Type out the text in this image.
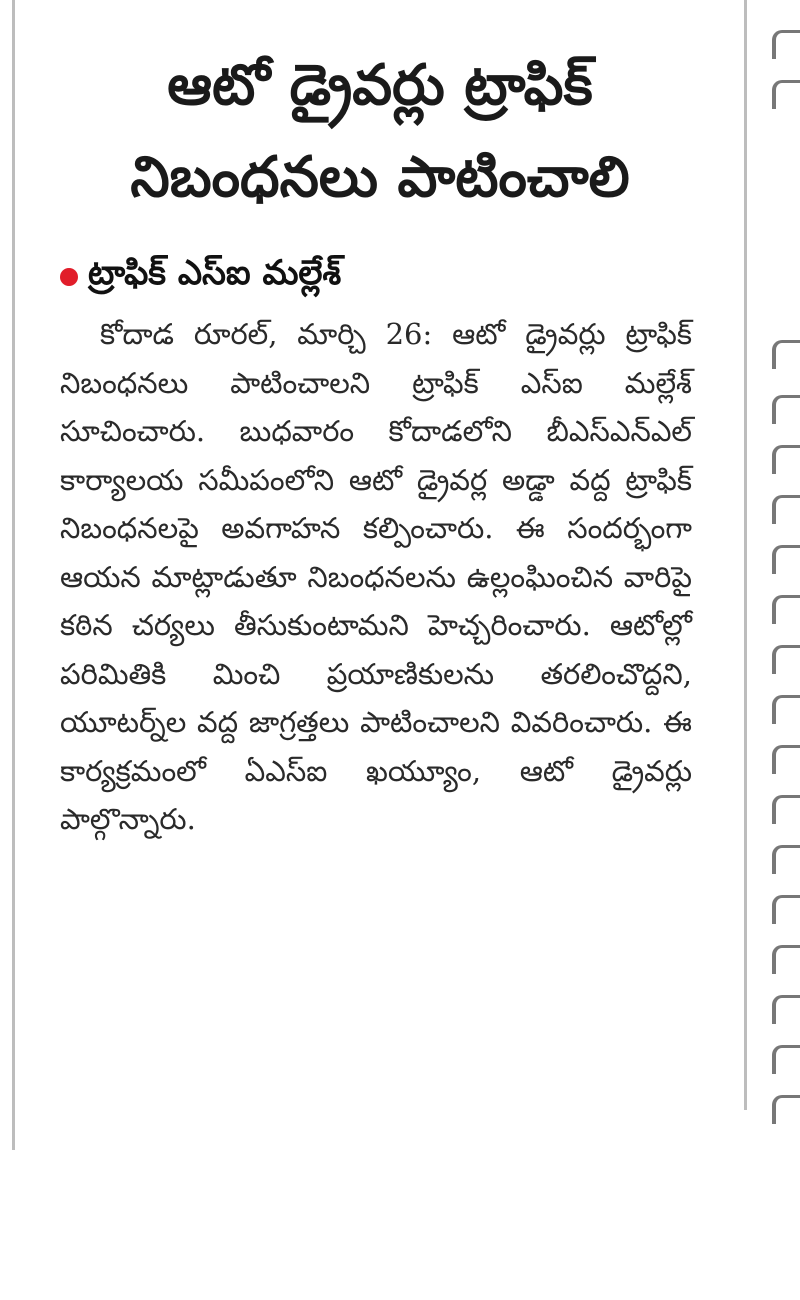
ఆటో డ్రైవర్లు ట్రాఫిక్
నిబంధనలు పాటించాలి
ట్రాఫిక్ ఎస్ఐ మల్లేశ్

కోదాడ రూరల్, మార్చి 26: ఆటో డ్రైవర్లు ట్రాఫిక్ నిబంధనలు పాటించాలని ట్రాఫిక్ ఎస్ఐ మల్లేశ్ సూచించారు. బుధవారం కోదాడలోని బీఎస్ఎన్ఎల్ కార్యాలయ సమీపంలోని ఆటో డ్రైవర్ల అడ్డా వద్ద ట్రాఫిక్ నిబంధనలపై అవగాహన కల్పించారు. ఈ సందర్భంగా ఆయన మాట్లాడుతూ నిబంధనలను ఉల్లంఘించిన వారిపై కఠిన చర్యలు తీసుకుంటామని హెచ్చరించారు. ఆటోల్లో పరిమితికి మించి ప్రయాణికులను తరలించొద్దని, యూటర్న్‌ల వద్ద జాగ్రత్తలు పాటించాలని వివరించారు. ఈ కార్యక్రమంలో ఏఎస్ఐ ఖయ్యూం, ఆటో డ్రైవర్లు పాల్గొన్నారు.
